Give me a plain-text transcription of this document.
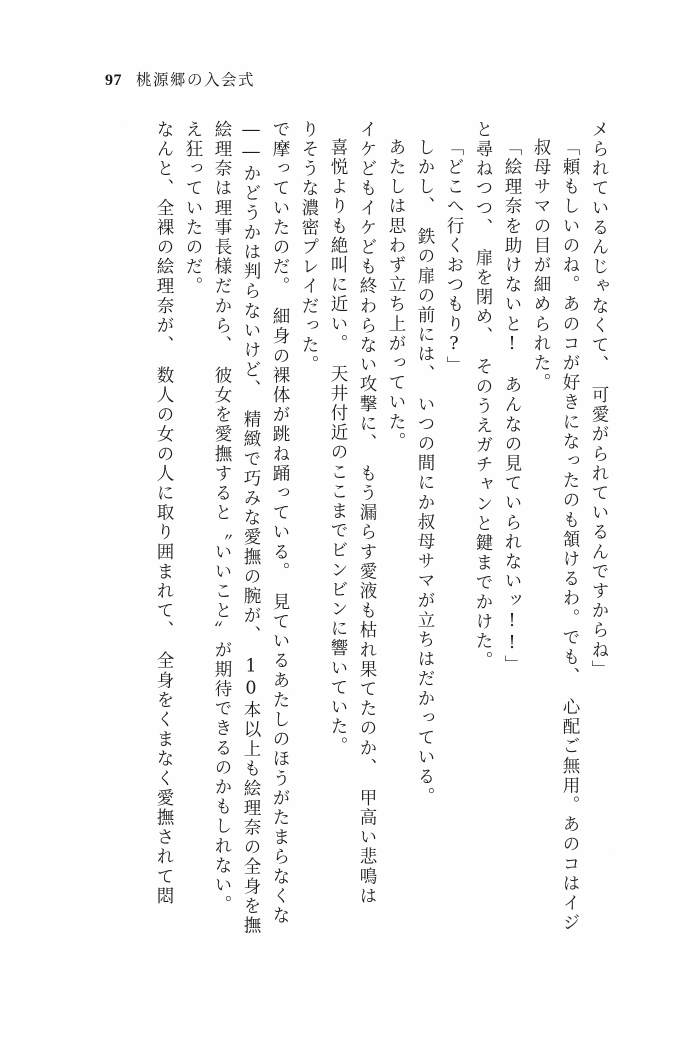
97 桃源郷の入会式
なんと、全裸の絵理奈が、　数人の女の人に取り囲まれて、　全身をくまなく愛撫されて悶 え狂っていたのだ。 絵理奈は理事長様だから、　彼女を愛撫すると〝いいこと〟が期待できるのかもしれない。 ――かどうかは判らないけど、　精緻で巧みな愛撫の腕が、　10本以上も絵理奈の全身を撫 で摩っていたのだ。　細身の裸体が跳ね踊っている。　見ているあたしのほうがたまらなくな りそうな濃密プレイだった。 喜悦よりも絶叫に近い。　天井付近のここまでビンビンに響いていた。 イケどもイケども終わらない攻撃に、　もう漏らす愛液も枯れ果てたのか、　甲高い悲鳴は あたしは思わず立ち上がっていた。 しかし、　鉄の扉の前には、　いつの間にか叔母サマが立ちはだかっている。 「どこへ行くおつもり?」 と尋ねつつ、　扉を閉め、　そのうえガチャンと鍵までかけた。 「絵理奈を助けないと!　あんなの見ていられないッ!!」 叔母サマの目が細められた。 「頼もしいのね。あのコが好きになったのも頷けるわ。でも、　心配ご無用。あのコはイジ メられているんじゃなくて、　可愛がられているんですからね」
